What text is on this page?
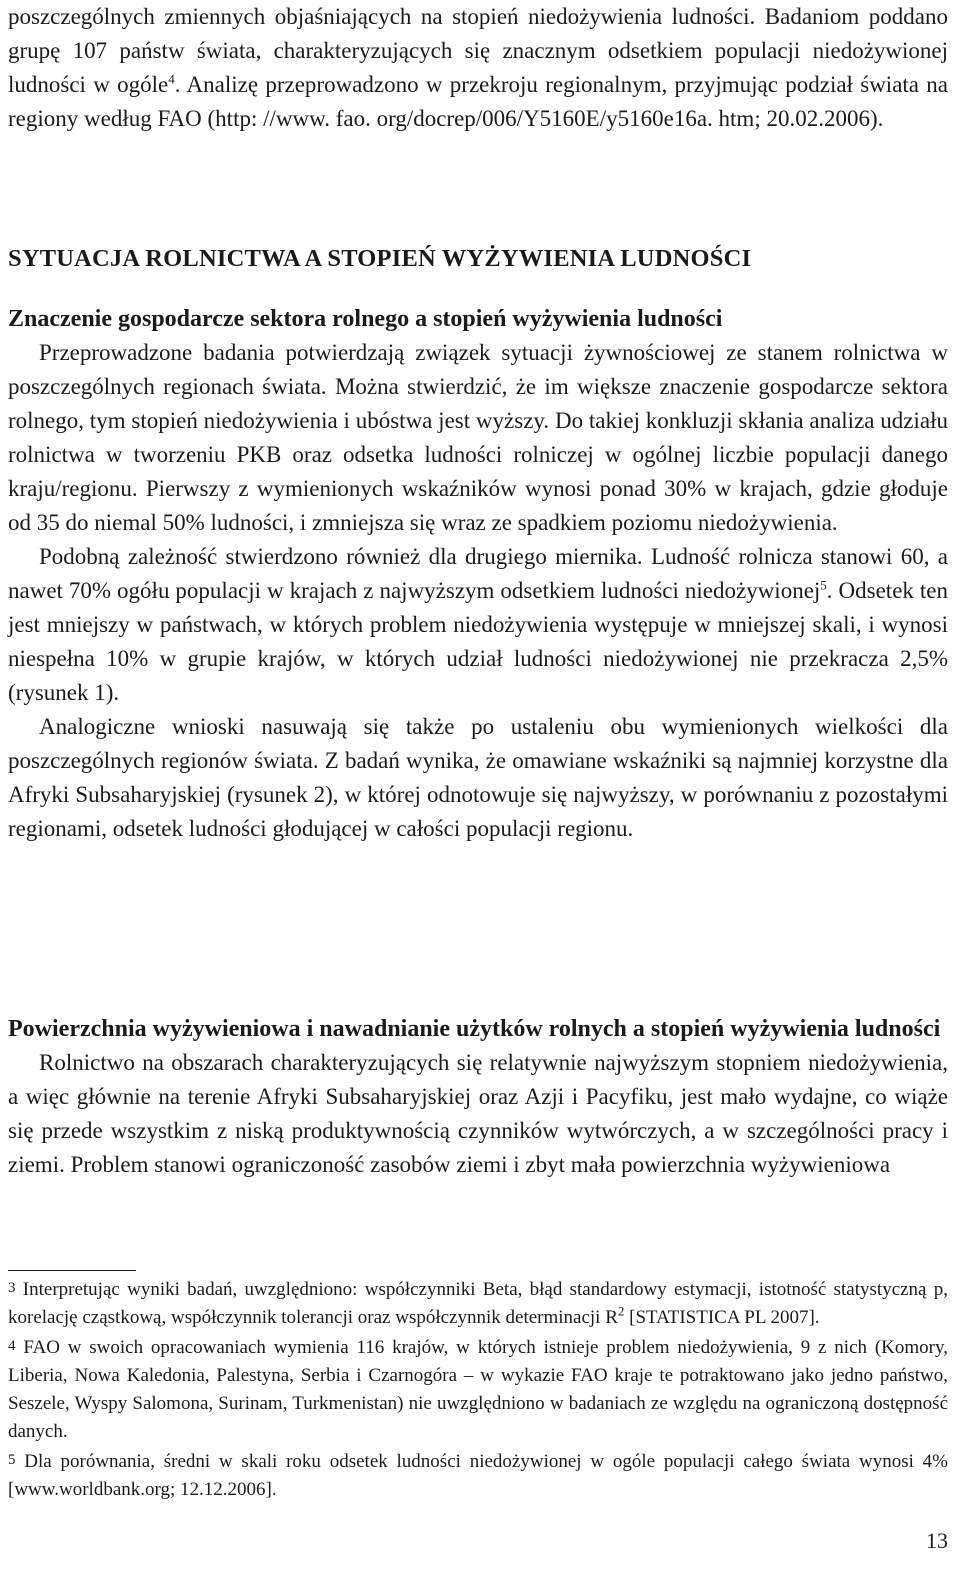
poszczególnych zmiennych objaśniających na stopień niedożywienia ludności. Badaniom poddano grupę 107 państw świata, charakteryzujących się znacznym odsetkiem populacji niedożywionej ludności w ogóle$^4$. Analizę przeprowadzono w przekroju regionalnym, przyjmując podział świata na regiony według FAO (http: //www. fao. org/docrep/006/Y5160E/y5160e16a. htm; 20.02.2006).

SYTUACJA ROLNICTWA A STOPIEŃ WYŻYWIENIA LUDNOŚCI
Znaczenie gospodarcze sektora rolnego a stopień wyżywienia ludności

Przeprowadzone badania potwierdzają związek sytuacji żywnościowej ze stanem rolnictwa w poszczególnych regionach świata. Można stwierdzić, że im większe znaczenie gospodarcze sektora rolnego, tym stopień niedożywienia i ubóstwa jest wyższy. Do takiej konkluzji skłania analiza udziału rolnictwa w tworzeniu PKB oraz odsetka ludności rolniczej w ogólnej liczbie populacji danego kraju/regionu. Pierwszy z wymienionych wskaźników wynosi ponad 30% w krajach, gdzie głoduje od 35 do niemal 50% ludności, i zmniejsza się wraz ze spadkiem poziomu niedożywienia.

Podobną zależność stwierdzono również dla drugiego miernika. Ludność rolnicza stanowi 60, a nawet 70% ogółu populacji w krajach z najwyższym odsetkiem ludności niedożywionej$^5$. Odsetek ten jest mniejszy w państwach, w których problem niedożywienia występuje w mniejszej skali, i wynosi niespełna 10% w grupie krajów, w których udział ludności niedożywionej nie przekracza 2,5% (rysunek 1).

Analogiczne wnioski nasuwają się także po ustaleniu obu wymienionych wielkości dla poszczególnych regionów świata. Z badań wynika, że omawiane wskaźniki są najmniej korzystne dla Afryki Subsaharyjskiej (rysunek 2), w której odnotowuje się najwyższy, w porównaniu z pozostałymi regionami, odsetek ludności głodującej w całości populacji regionu.

Powierzchnia wyżywieniowa i nawadnianie użytków rolnych a stopień wyżywienia ludności

Rolnictwo na obszarach charakteryzujących się relatywnie najwyższym stopniem niedożywienia, a więc głównie na terenie Afryki Subsaharyjskiej oraz Azji i Pacyfiku, jest mało wydajne, co wiąże się przede wszystkim z niską produktywnością czynników wytwórczych, a w szczególności pracy i ziemi. Problem stanowi ograniczoność zasobów ziemi i zbyt mała powierzchnia wyżywieniowa

3 Interpretując wyniki badań, uwzględniono: współczynniki Beta, błąd standardowy estymacji, istotność statystyczną p, korelację cząstkową, współczynnik tolerancji oraz współczynnik determinacji $R^2$ [STATISTICA PL 2007].

4 FAO w swoich opracowaniach wymienia 116 krajów, w których istnieje problem niedożywienia, 9 z nich (Komory, Liberia, Nowa Kaledonia, Palestyna, Serbia i Czarnogóra – w wykazie FAO kraje te potraktowano jako jedno państwo, Seszele, Wyspy Salomona, Surinam, Turkmenistan) nie uwzględniono w badaniach ze względu na ograniczoną dostępność danych.

5 Dla porównania, średni w skali roku odsetek ludności niedożywionej w ogóle populacji całego świata wynosi 4% [www.worldbank.org; 12.12.2006].

13
